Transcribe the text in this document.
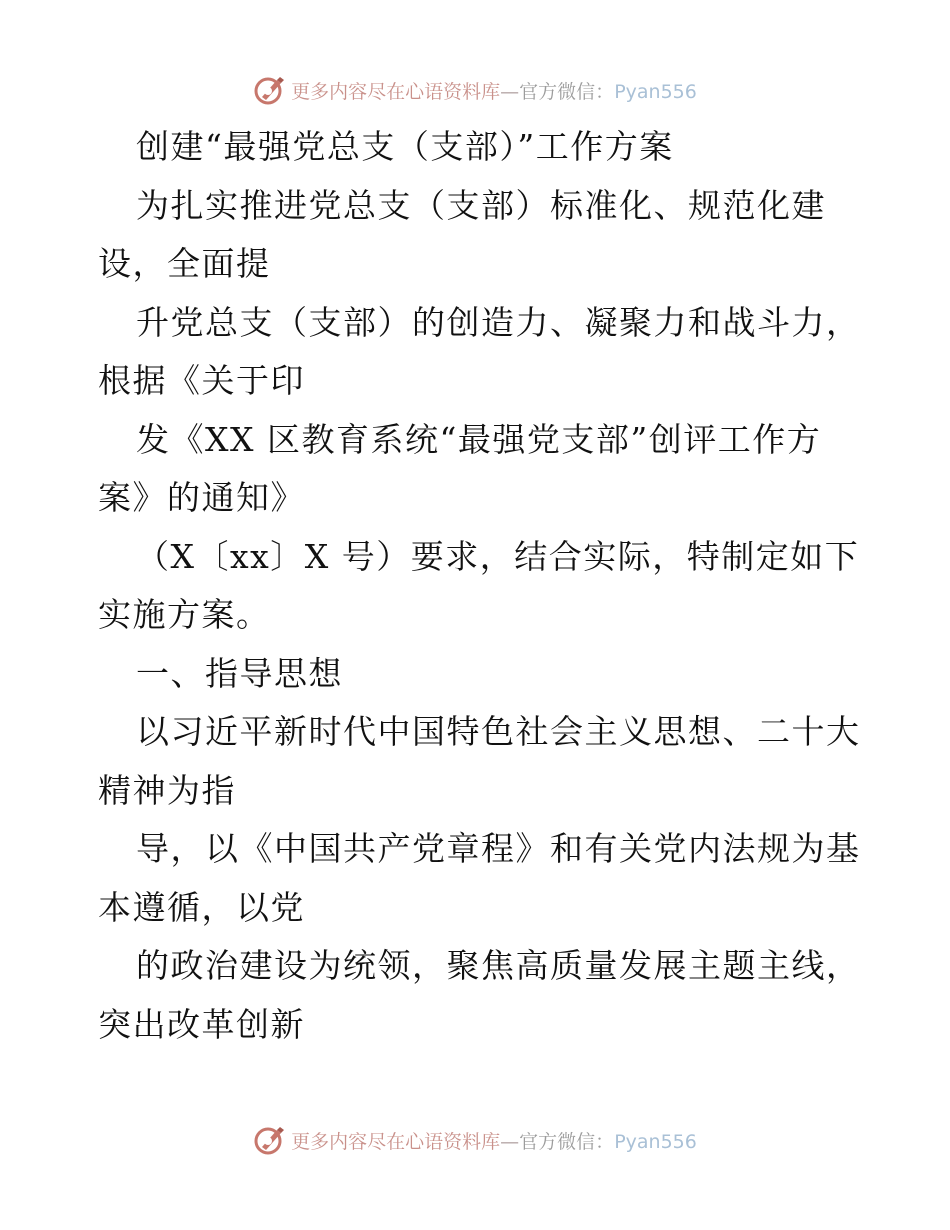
更多内容尽在心语资料库—官方微信：Pyan556
创建“最强党总支（支部）”工作方案
为扎实推进党总支（支部）标准化、规范化建
设，全面提
升党总支（支部）的创造力、凝聚力和战斗力，
根据《关于印
发《XX 区教育系统“最强党支部”创评工作方
案》的通知》
（X〔xx〕X 号）要求，结合实际，特制定如下
实施方案。
一、指导思想
以习近平新时代中国特色社会主义思想、二十大
精神为指
导，以《中国共产党章程》和有关党内法规为基
本遵循，以党
的政治建设为统领，聚焦高质量发展主题主线，
突出改革创新
更多内容尽在心语资料库—官方微信：Pyan556
